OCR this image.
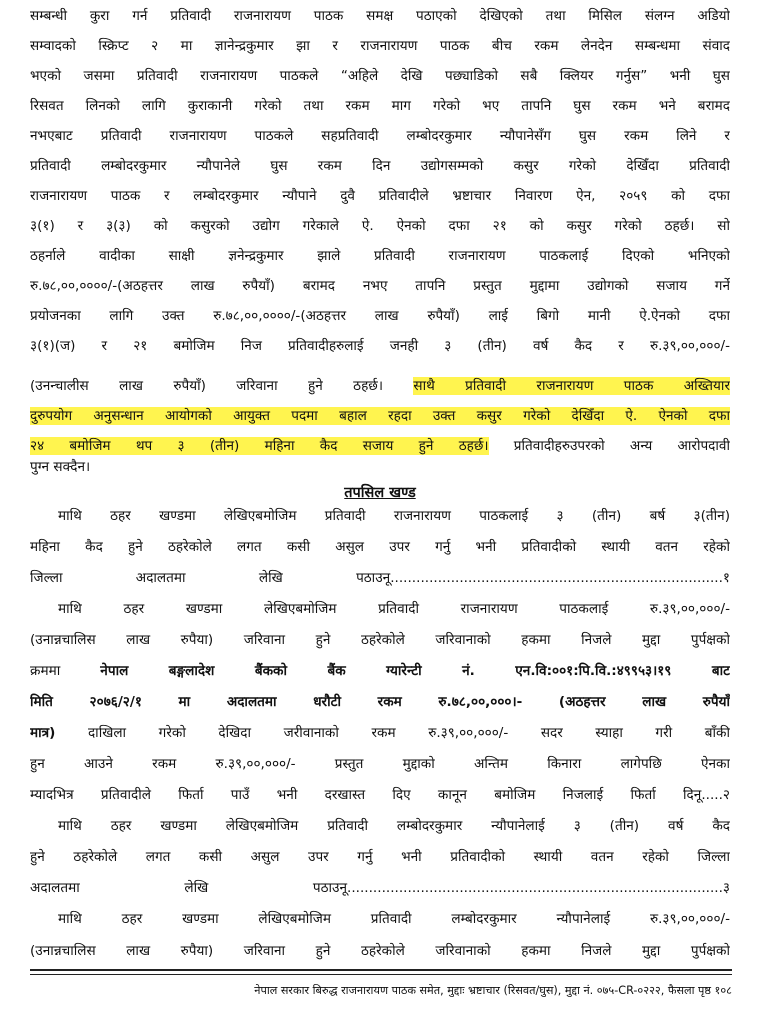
सम्बन्धी कुरा गर्न प्रतिवादी राजनारायण पाठक समक्ष पठाएको देखिएको तथा मिसिल संलग्न अडियो
सम्वादको स्क्रिप्ट २ मा ज्ञानेन्द्रकुमार झा र राजनारायण पाठक बीच रकम लेनदेन सम्बन्धमा संवाद
भएको जसमा प्रतिवादी राजनारायण पाठकले “अहिले देखि पछ्याडिको सबै क्लियर गर्नुस” भनी घुस
रिसवत लिनको लागि कुराकानी गरेको तथा रकम माग गरेको भए तापनि घुस रकम भने बरामद
नभएबाट प्रतिवादी राजनारायण पाठकले सहप्रतिवादी लम्बोदरकुमार न्यौपानेसँग घुस रकम लिने र
प्रतिवादी लम्बोदरकुमार न्यौपानेले घुस रकम दिन उद्योगसम्मको कसुर गरेको देखिँदा प्रतिवादी
राजनारायण पाठक र लम्बोदरकुमार न्यौपाने दुवै प्रतिवादीले भ्रष्टाचार निवारण ऐन, २०५९ को दफा
३(१) र ३(३) को कसुरको उद्योग गरेकाले ऐ. ऐनको दफा २१ को कसुर गरेको ठहर्छ। सो
ठहर्नाले वादीका साक्षी ज्ञनेन्द्रकुमार झाले प्रतिवादी राजनारायण पाठकलाई दिएको भनिएको
रु.७८,००,००००/-(अठहत्तर लाख रुपैयाँ) बरामद नभए तापनि प्रस्तुत मुद्दामा उद्योगको सजाय गर्ने
प्रयोजनका लागि उक्त रु.७८,००,००००/-(अठहत्तर लाख रुपैयाँ) लाई बिगो मानी ऐ.ऐनको दफा
३(१)(ज) र २१ बमोजिम निज प्रतिवादीहरुलाई जनही ३ (तीन) वर्ष कैद र रु.३९,००,०००/-
(उनन्चालीस लाख रुपैयाँ) जरिवाना हुने ठहर्छ। साथै प्रतिवादी राजनारायण पाठक अख्तियार
दुरुपयोग अनुसन्धान आयोगको आयुक्त पदमा बहाल रहदा उक्त कसुर गरेको देखिँदा ऐ. ऐनको दफा
२४ बमोजिम थप ३ (तीन) महिना कैद सजाय हुने ठहर्छ। प्रतिवादीहरुउपरको अन्य आरोपदावी
पुग्न सक्दैन।
तपसिल खण्ड
माथि ठहर खण्डमा लेखिएबमोजिम प्रतिवादी राजनारायण पाठकलाई ३ (तीन) बर्ष ३(तीन)
महिना कैद हुने ठहरेकोले लगत कसी असुल उपर गर्नु भनी प्रतिवादीको स्थायी वतन रहेको
जिल्ला अदालतमा लेखि पठाउनू.............................................................................१
माथि ठहर खण्डमा लेखिएबमोजिम प्रतिवादी राजनारायण पाठकलाई रु.३९,००,०००/-
(उनान्नचालिस लाख रुपैया) जरिवाना हुने ठहरेकोले जरिवानाको हकमा निजले मुद्दा पुर्पक्षको
क्रममा नेपाल बङ्गलादेश बैंकको बैंक ग्यारेन्टी नं. एन.वि:००१:पि.वि.:४९९५३।१९ बाट
मिति २०७६/२/१ मा अदालतमा धरौटी रकम रु.७८,००,०००।- (अठहत्तर लाख रुपैयाँ
मात्र) दाखिला गरेको देखिदा जरीवानाको रकम रु.३९,००,०००/- सदर स्याहा गरी बाँकी
हुन आउने रकम रु.३९,००,०००/- प्रस्तुत मुद्दाको अन्तिम किनारा लागेपछि ऐनका
म्यादभित्र प्रतिवादीले फिर्ता पाउँ भनी दरखास्त दिए कानून बमोजिम निजलाई फिर्ता दिनू.....२
माथि ठहर खण्डमा लेखिएबमोजिम प्रतिवादी लम्बोदरकुमार न्यौपानेलाई ३ (तीन) वर्ष कैद
हुने ठहरेकोले लगत कसी असुल उपर गर्नु भनी प्रतिवादीको स्थायी वतन रहेको जिल्ला
अदालतमा लेखि पठाउनू.......................................................................................३
माथि ठहर खण्डमा लेखिएबमोजिम प्रतिवादी लम्बोदरकुमार न्यौपानेलाई रु.३९,००,०००/-
(उनान्नचालिस लाख रुपैया) जरिवाना हुने ठहरेकोले जरिवानाको हकमा निजले मुद्दा पुर्पक्षको
नेपाल सरकार बिरुद्ध राजनारायण पाठक समेत, मुद्दाः भ्रष्टाचार (रिसवत/घुस), मुद्दा नं. ०७५-CR-०२२२, फैसला पृष्ठ १०८
